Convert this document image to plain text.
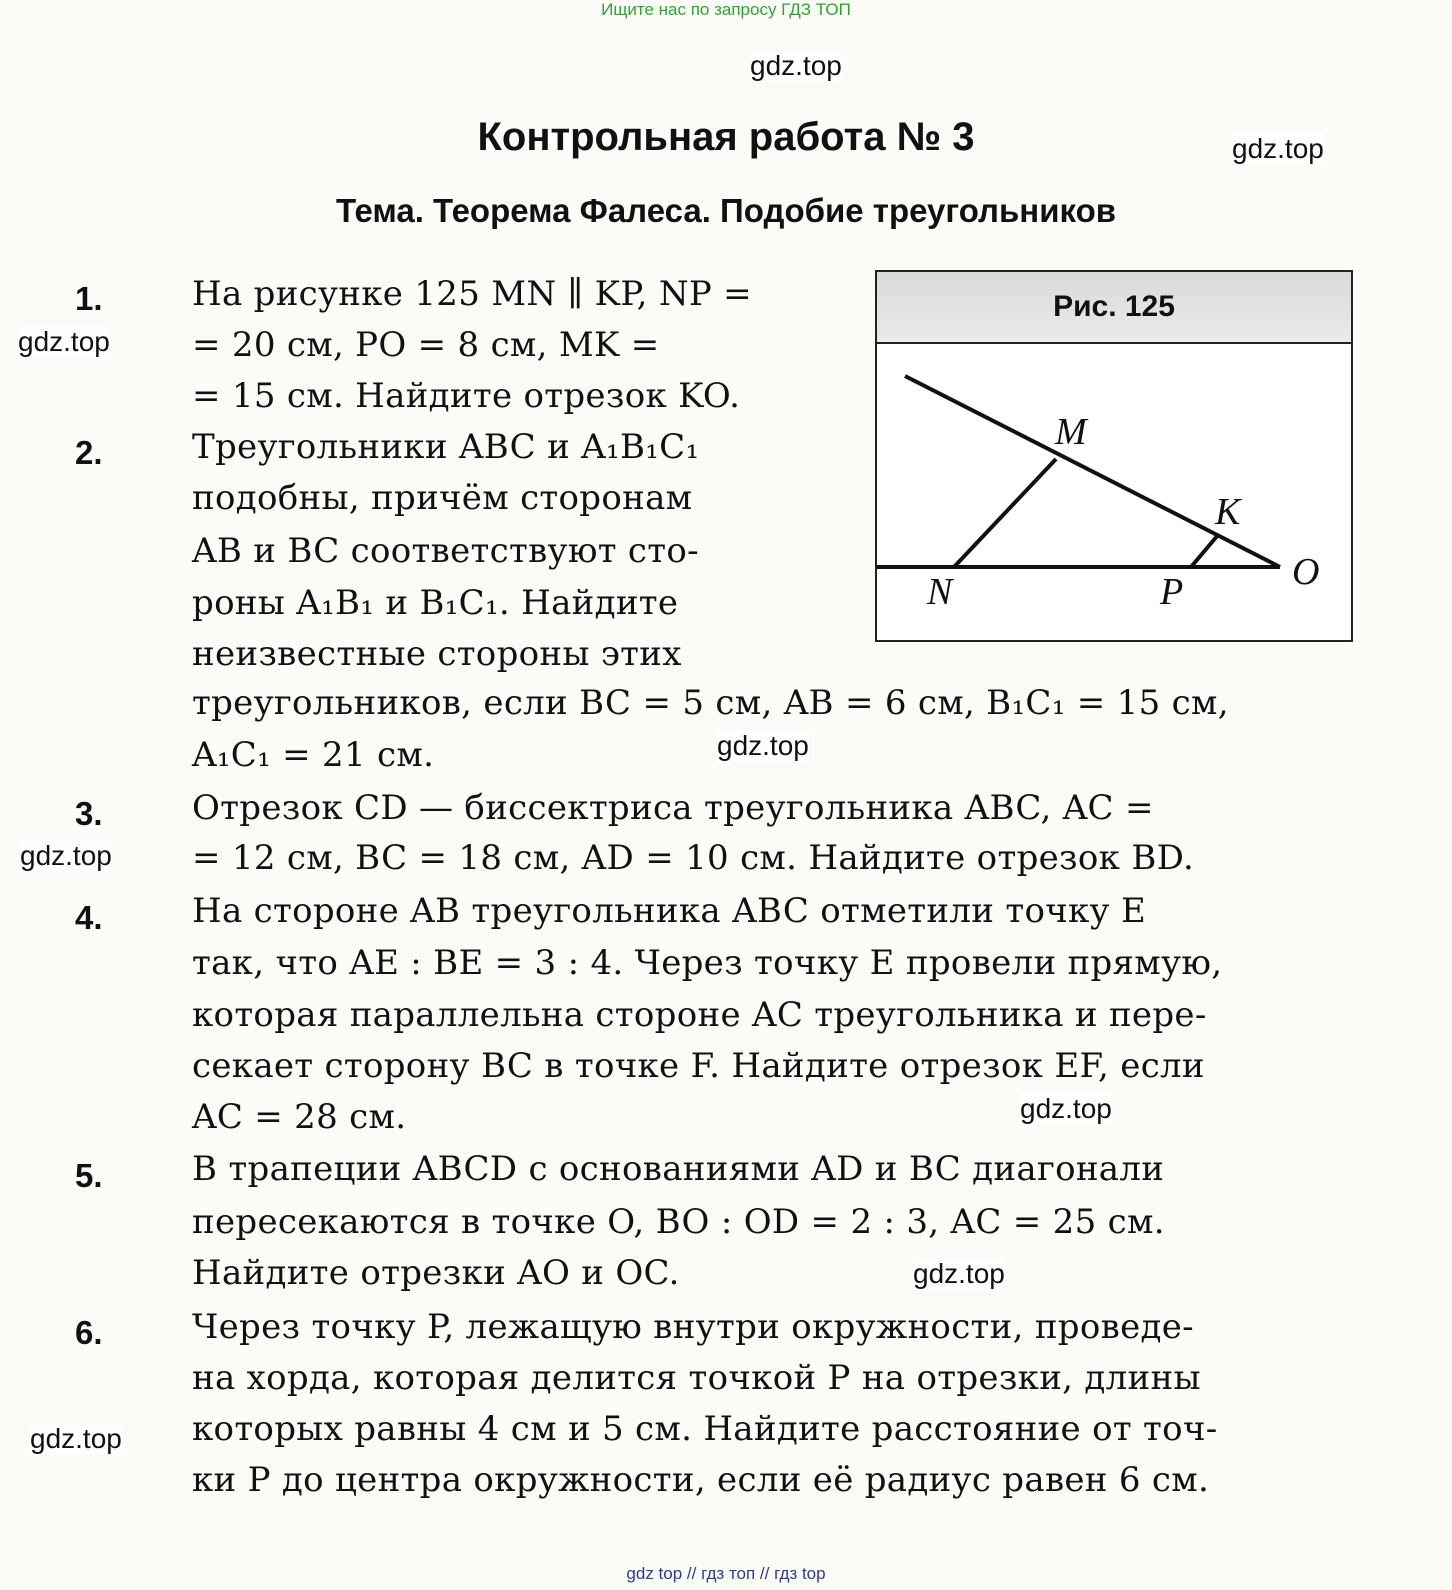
Ищите нас по запросу ГДЗ ТОП
gdz.top
gdz.top
gdz.top
gdz.top
gdz.top
gdz.top
gdz.top
gdz.top
Контрольная работа № 3
Тема. Теорема Фалеса. Подобие треугольников
Рис. 125
M
K
N	P	O
1.	На рисунке 125 MN ∥ KP, NP =
= 20 см, PO = 8 см, MK =
= 15 см. Найдите отрезок KO.
2.	Треугольники ABC и A₁B₁C₁
подобны, причём сторонам
AB и BC соответствуют сто-
роны A₁B₁ и B₁C₁. Найдите
неизвестные стороны этих
треугольников, если BC = 5 см, AB = 6 см, B₁C₁ = 15 см,
A₁C₁ = 21 см.
3.	Отрезок CD — биссектриса треугольника ABC, AC =
= 12 см, BC = 18 см, AD = 10 см. Найдите отрезок BD.
4.	На стороне AB треугольника ABC отметили точку E
так, что AE : BE = 3 : 4. Через точку E провели прямую,
которая параллельна стороне AC треугольника и пере-
секает сторону BC в точке F. Найдите отрезок EF, если
AC = 28 см.
5.	В трапеции ABCD с основаниями AD и BC диагонали
пересекаются в точке O, BO : OD = 2 : 3, AC = 25 см.
Найдите отрезки AO и OC.
6.	Через точку P, лежащую внутри окружности, проведе-
на хорда, которая делится точкой P на отрезки, длины
которых равны 4 см и 5 см. Найдите расстояние от точ-
ки P до центра окружности, если её радиус равен 6 см.
gdz top // гдз топ // гдз top
